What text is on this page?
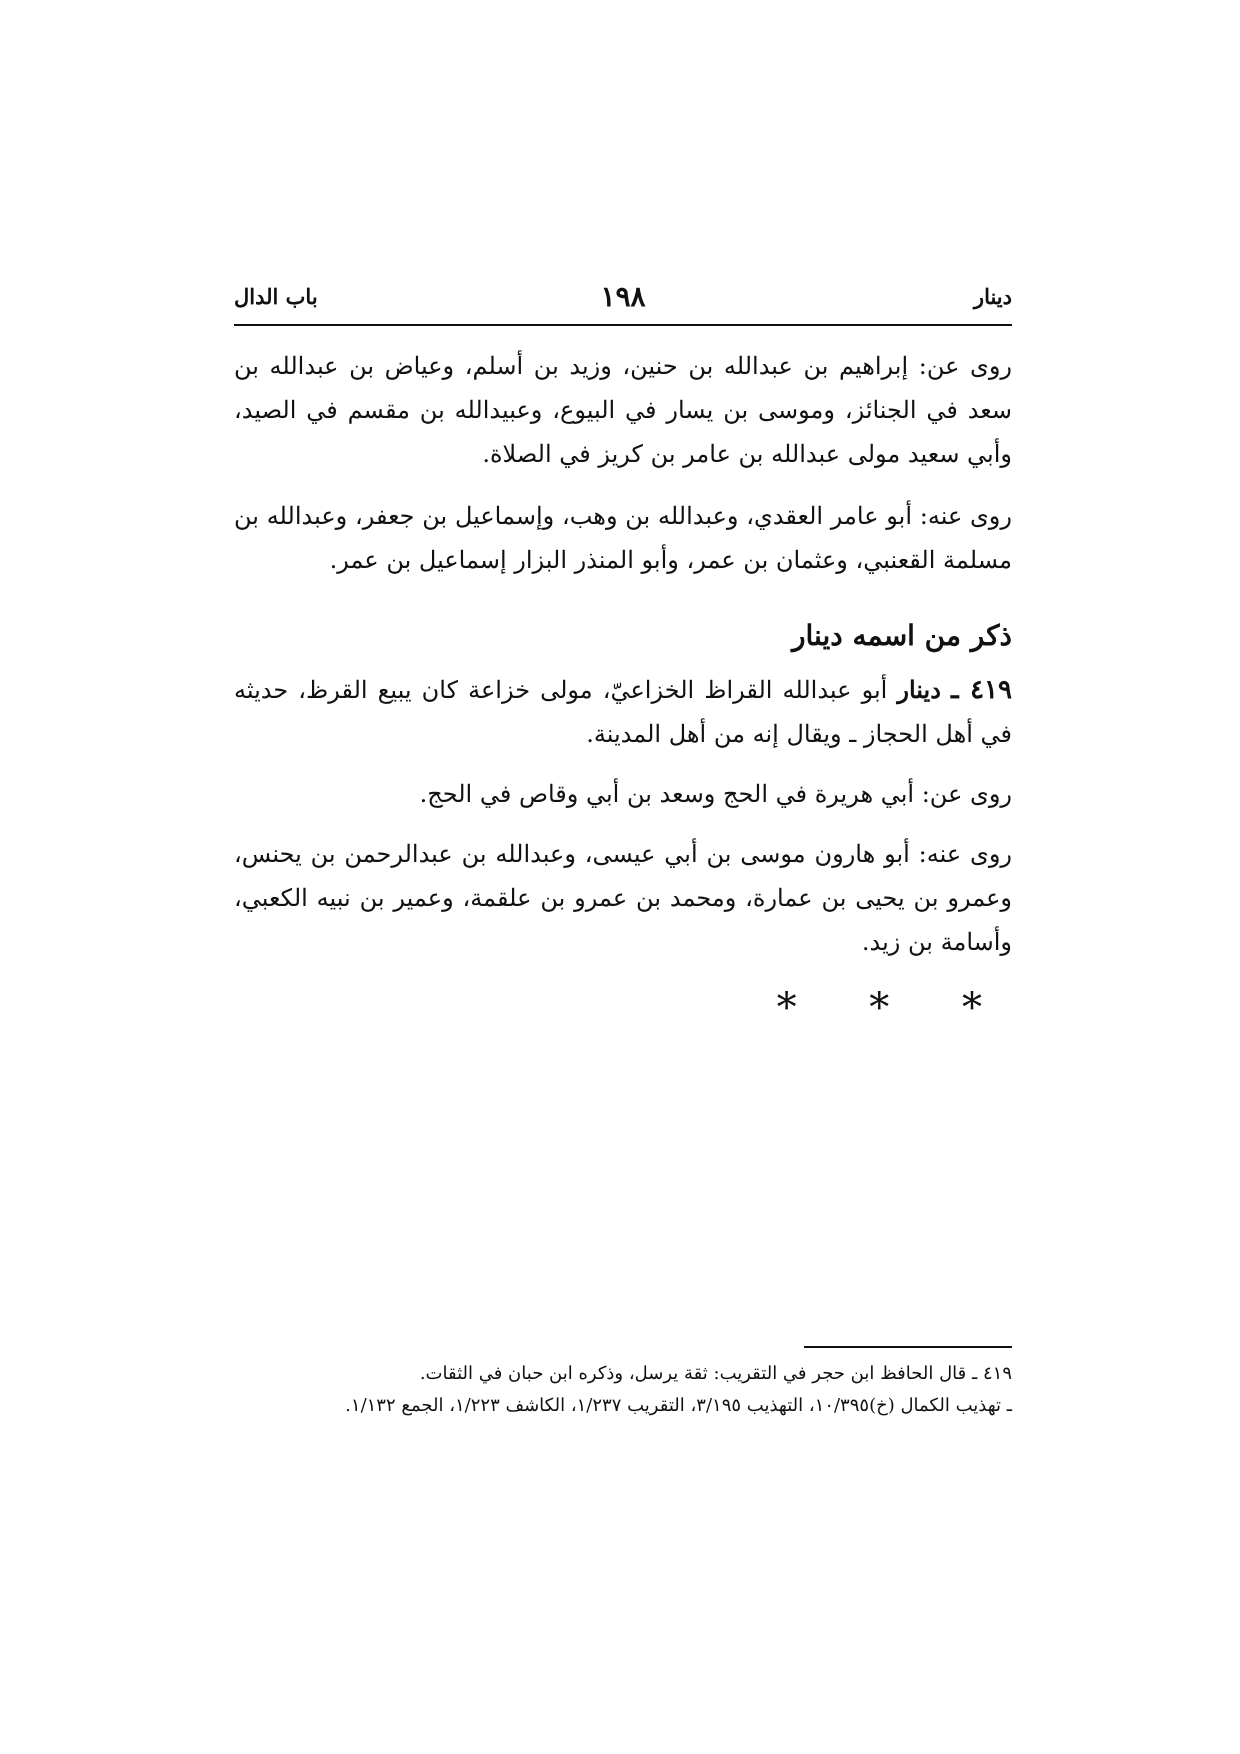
دينار
١٩٨
باب الدال

روى عن: إبراهيم بن عبدالله بن حنين، وزيد بن أسلم، وعياض بن عبدالله بن سعد في الجنائز، وموسى بن يسار في البيوع، وعبيدالله بن مقسم في الصيد، وأبي سعيد مولى عبدالله بن عامر بن كريز في الصلاة.

روى عنه: أبو عامر العقدي، وعبدالله بن وهب، وإسماعيل بن جعفر، وعبدالله بن مسلمة القعنبي، وعثمان بن عمر، وأبو المنذر البزار إسماعيل بن عمر.

ذكر من اسمه دينار

٤١٩ ـ دينار أبو عبدالله القراظ الخزاعيّ، مولى خزاعة كان يبيع القرظ، حديثه في أهل الحجاز ـ ويقال إنه من أهل المدينة.

روى عن: أبي هريرة في الحج وسعد بن أبي وقاص في الحج.

روى عنه: أبو هارون موسى بن أبي عيسى، وعبدالله بن عبدالرحمن بن يحنس، وعمرو بن يحيى بن عمارة، ومحمد بن عمرو بن علقمة، وعمير بن نبيه الكعبي، وأسامة بن زيد.

* * *

٤١٩ ـ قال الحافظ ابن حجر في التقريب: ثقة يرسل، وذكره ابن حبان في الثقات.

ـ تهذيب الكمال (خ)١٠/٣٩٥، التهذيب ٣/١٩٥، التقريب ١/٢٣٧، الكاشف ١/٢٢٣، الجمع ١/١٣٢.
